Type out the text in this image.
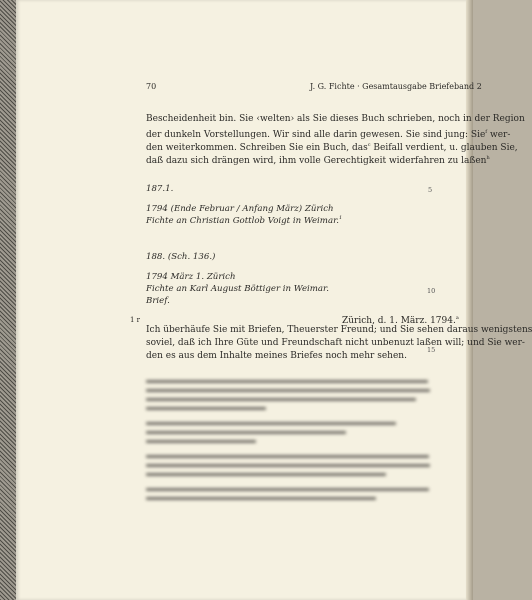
70	J. G. Fichte · Gesamtausgabe Briefeband 2
Bescheidenheit bin. Sie ‹welten› als Sie dieses Buch schrieben, noch in der Region
der dunkeln Vorstellungen. Wir sind alle darin gewesen. Sie sind jung: Sie$^f$ wer-
den weiterkommen. Schreiben Sie ein Buch, das$^c$ Beifall verdient, u. glauben Sie,
daß dazu sich drängen wird, ihm volle Gerechtigkeit widerfahren zu laßen$^h$
187.1.
1794 (Ende Februar / Anfang März) Zürich
Fichte an Christian Gottlob Voigt in Weimar.$^1$
188. (Sch. 136.)
1794 März 1. Zürich
Fichte an Karl August Böttiger in Weimar.
Brief.
Zürich, d. 1. März. 1794.$^a$
1 r
Ich überhäufe Sie mit Briefen, Theuerster Freund; und Sie sehen daraus wenigstens
soviel, daß ich Ihre Güte und Freundschaft nicht unbenuzt laßen will; und Sie wer-
den es aus dem Inhalte meines Briefes noch mehr sehen.
5
10
15
